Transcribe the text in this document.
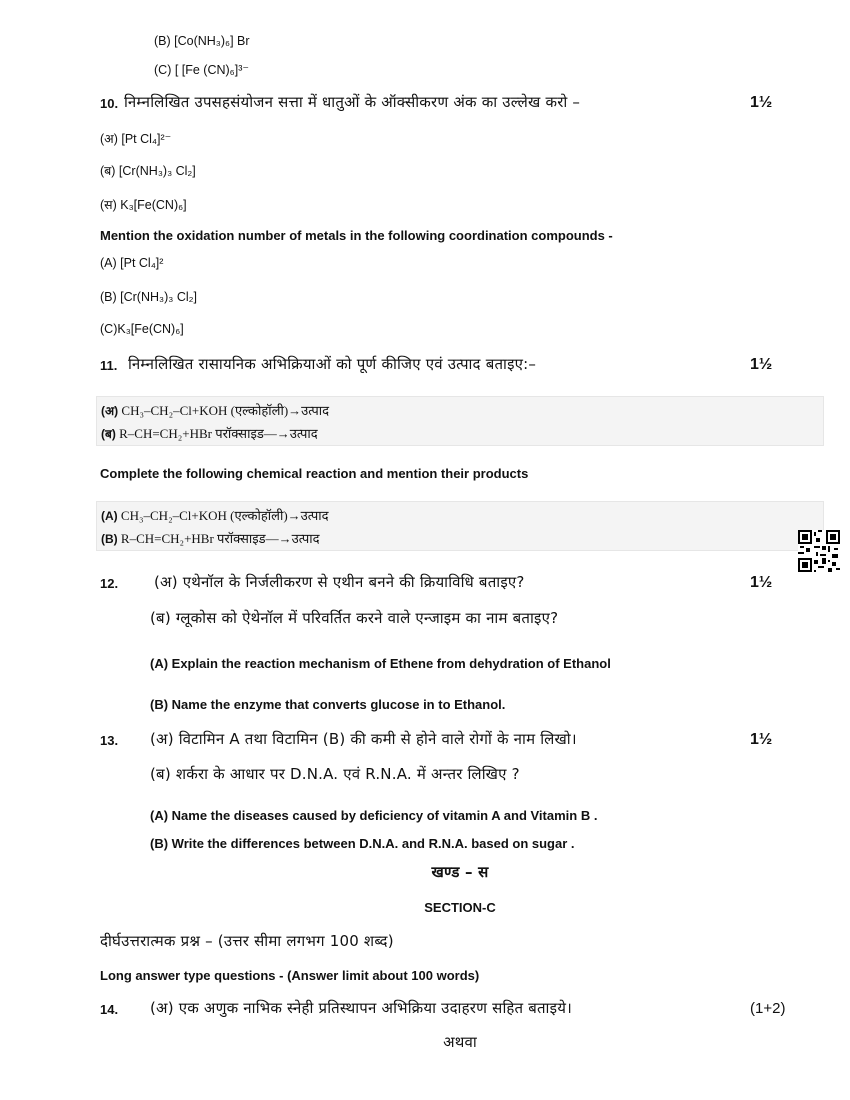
(B) [Co(NH₃)₆] Br
(C) [ [Fe (CN)₆]³⁻
10. निम्नलिखित उपसहसंयोजन सत्ता में धातुओं के ऑक्सीकरण अंक का उल्लेख करो –	1½
(अ) [Pt Cl₄]²⁻
(ब) [Cr(NH₃)₃ Cl₂]
(स) K₃[Fe(CN)₆]
Mention the oxidation number of metals in the following coordination compounds -
(A) [Pt Cl₄]²
(B) [Cr(NH₃)₃ Cl₂]
(C)K₃[Fe(CN)₆]
11. निम्नलिखित रासायनिक अभिक्रियाओं को पूर्ण कीजिए एवं उत्पाद बताइए:–	1½
(अ) CH₃–CH₂–Cl+KOH (एल्कोहॉली)→उत्पाद
(ब) R–CH=CH₂+HBr परॉक्साइड—→उत्पाद
Complete the following chemical reaction and mention their products
(A) CH₃–CH₂–Cl+KOH (एल्कोहॉली)→उत्पाद
(B) R–CH=CH₂+HBr परॉक्साइड—→उत्पाद
12. (अ) एथेनॉल के निर्जलीकरण से एथीन बनने की क्रियाविधि बताइए?	1½
(ब) ग्लूकोस को ऐथेनॉल में परिवर्तित करने वाले एन्जाइम का नाम बताइए?
(A) Explain the reaction mechanism of Ethene from dehydration of Ethanol
(B) Name the enzyme that converts glucose in to Ethanol.
13. (अ) विटामिन A तथा विटामिन (B) की कमी से होने वाले रोगों के नाम लिखो।	1½
(ब) शर्करा के आधार पर D.N.A. एवं R.N.A. में अन्तर लिखिए ?
(A) Name the diseases caused by deficiency of vitamin A and Vitamin B .
(B) Write the differences between D.N.A. and R.N.A. based on sugar .
खण्ड – स
SECTION-C
दीर्घउत्तरात्मक प्रश्न – (उत्तर सीमा लगभग 100 शब्द)
Long answer type questions - (Answer limit about 100 words)
14. (अ) एक अणुक नाभिक स्नेही प्रतिस्थापन अभिक्रिया उदाहरण सहित बताइये।	(1+2)
अथवा
